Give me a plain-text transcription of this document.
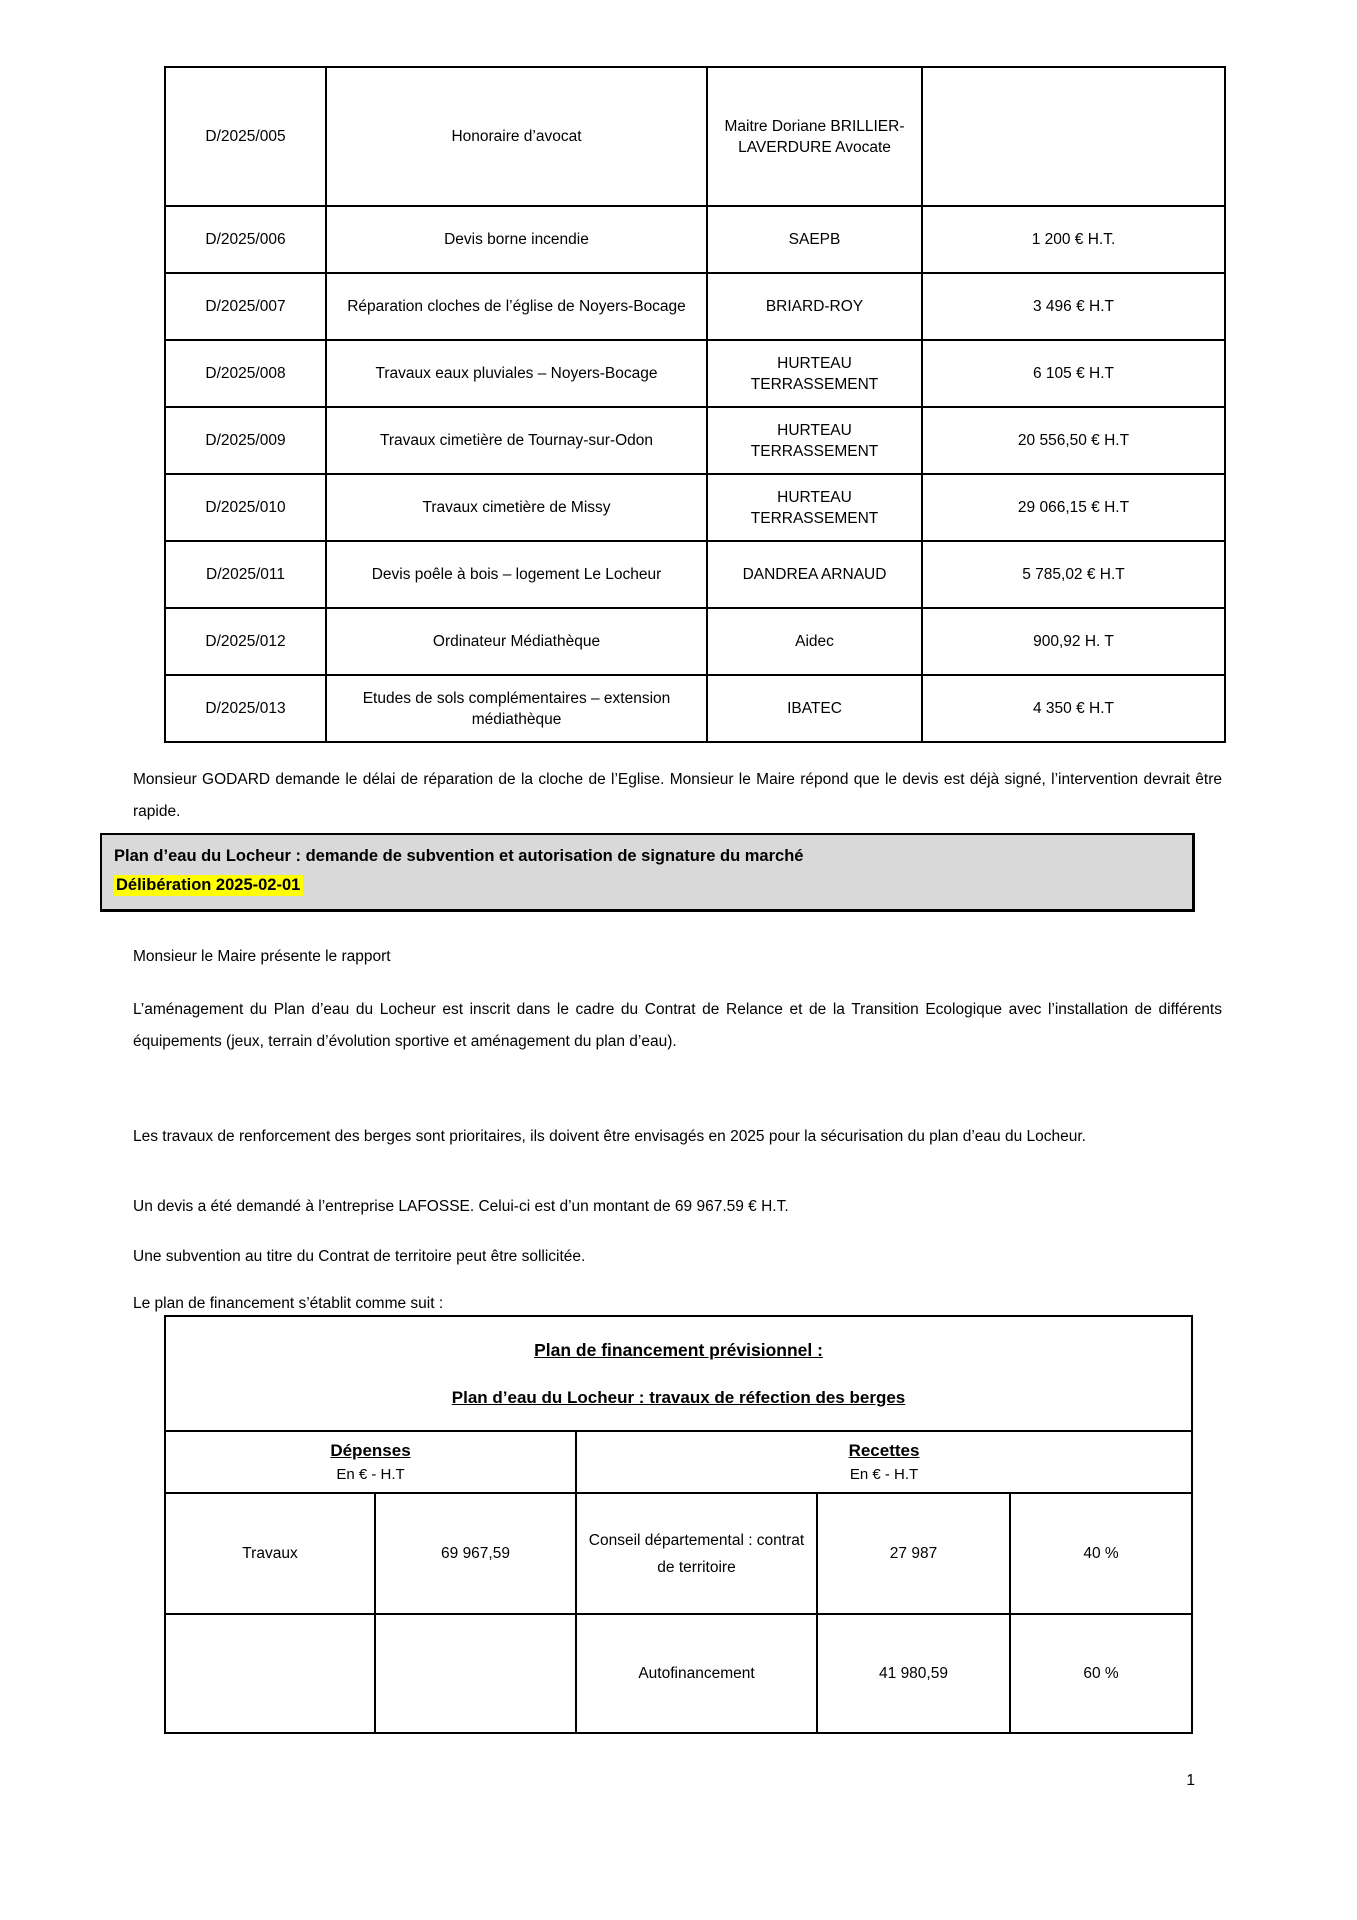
D/2025/005	Honoraire d’avocat	Maitre Doriane BRILLIER-LAVERDURE Avocate	
D/2025/006	Devis borne incendie	SAEPB	1 200 € H.T.
D/2025/007	Réparation cloches de l’église de Noyers-Bocage	BRIARD-ROY	3 496 € H.T
D/2025/008	Travaux eaux pluviales – Noyers-Bocage	HURTEAU TERRASSEMENT	6 105 € H.T
D/2025/009	Travaux cimetière de Tournay-sur-Odon	HURTEAU TERRASSEMENT	20 556,50 € H.T
D/2025/010	Travaux cimetière de Missy	HURTEAU TERRASSEMENT	29 066,15 € H.T
D/2025/011	Devis poêle à bois – logement Le Locheur	DANDREA ARNAUD	5 785,02 € H.T
D/2025/012	Ordinateur Médiathèque	Aidec	900,92 H. T
D/2025/013	Etudes de sols complémentaires – extension médiathèque	IBATEC	4 350 € H.T

Monsieur GODARD demande le délai de réparation de la cloche de l’Eglise. Monsieur le Maire répond que le devis est déjà signé, l’intervention devrait être rapide.

Plan d’eau du Locheur : demande de subvention et autorisation de signature du marché
Délibération 2025-02-01

Monsieur le Maire présente le rapport

L’aménagement du Plan d’eau du Locheur est inscrit dans le cadre du Contrat de Relance et de la Transition Ecologique avec l’installation de différents équipements (jeux, terrain d’évolution sportive et aménagement du plan d’eau).

Les travaux de renforcement des berges sont prioritaires, ils doivent être envisagés en 2025 pour la sécurisation du plan d’eau du Locheur.

Un devis a été demandé à l’entreprise LAFOSSE. Celui-ci est d’un montant de 69 967.59 € H.T.

Une subvention au titre du Contrat de territoire peut être sollicitée.

Le plan de financement s’établit comme suit :

Plan de financement prévisionnel :
Plan d’eau du Locheur : travaux de réfection des berges				

Dépenses
En € - H.T

Recettes
En € - H.T

Travaux	69 967,59	Conseil départemental : contrat de territoire	27 987	40 %
		Autofinancement	41 980,59	60 %
1
